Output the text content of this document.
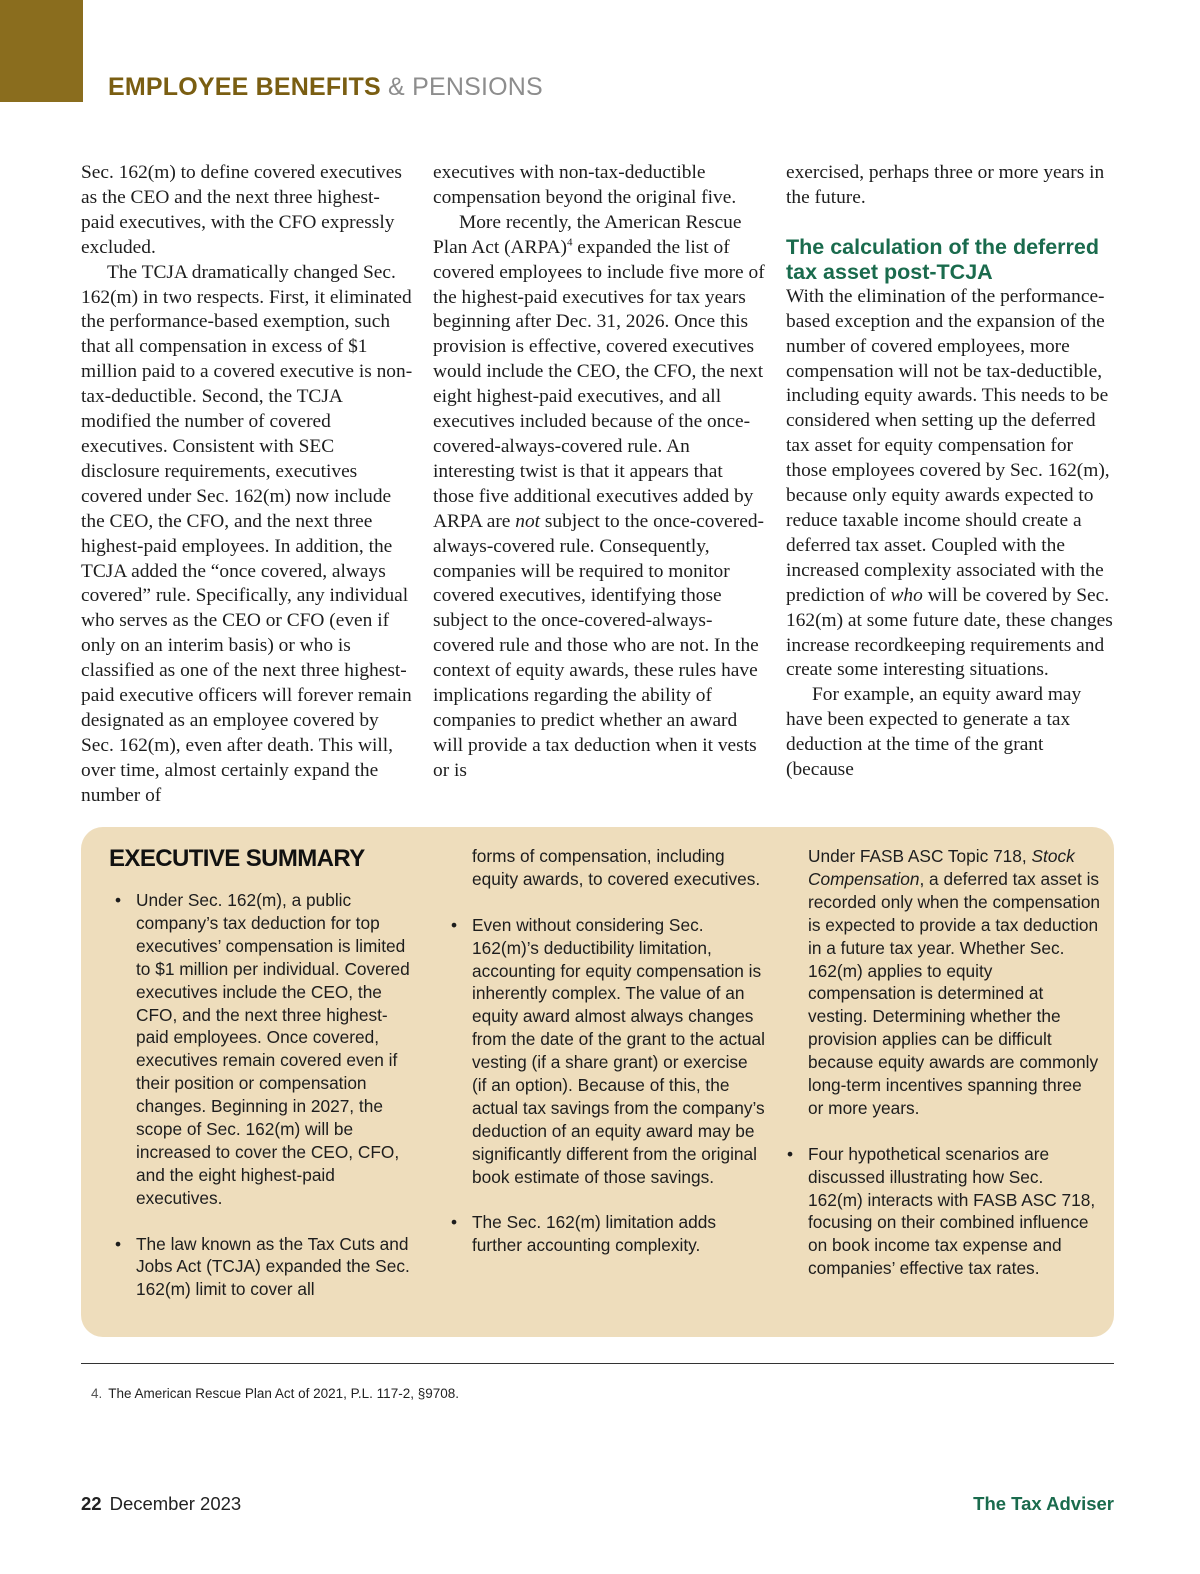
EMPLOYEE BENEFITS & PENSIONS

Sec. 162(m) to define covered executives as the CEO and the next three highest-paid executives, with the CFO expressly excluded.

The TCJA dramatically changed Sec. 162(m) in two respects. First, it eliminated the performance-based exemption, such that all compensation in excess of $1 million paid to a covered executive is non-tax-deductible. Second, the TCJA modified the number of covered executives. Consistent with SEC disclosure requirements, executives covered under Sec. 162(m) now include the CEO, the CFO, and the next three highest-paid employees. In addition, the TCJA added the “once covered, always covered” rule. Specifically, any individual who serves as the CEO or CFO (even if only on an interim basis) or who is classified as one of the next three highest-paid executive officers will forever remain designated as an employee covered by Sec. 162(m), even after death. This will, over time, almost certainly expand the number of

executives with non-tax-deductible compensation beyond the original five.

More recently, the American Rescue Plan Act (ARPA)$^4$ expanded the list of covered employees to include five more of the highest-paid executives for tax years beginning after Dec. 31, 2026. Once this provision is effective, covered executives would include the CEO, the CFO, the next eight highest-paid executives, and all executives included because of the once-covered-always-covered rule. An interesting twist is that it appears that those five additional executives added by ARPA are not subject to the once-covered-always-covered rule. Consequently, companies will be required to monitor covered executives, identifying those subject to the once-covered-always-covered rule and those who are not. In the context of equity awards, these rules have implications regarding the ability of companies to predict whether an award will provide a tax deduction when it vests or is

exercised, perhaps three or more years in the future.

The calculation of the deferred tax asset post-TCJA

With the elimination of the performance-based exception and the expansion of the number of covered employees, more compensation will not be tax-deductible, including equity awards. This needs to be considered when setting up the deferred tax asset for equity compensation for those employees covered by Sec. 162(m), because only equity awards expected to reduce taxable income should create a deferred tax asset. Coupled with the increased complexity associated with the prediction of who will be covered by Sec. 162(m) at some future date, these changes increase recordkeeping requirements and create some interesting situations.

For example, an equity award may have been expected to generate a tax deduction at the time of the grant (because

EXECUTIVE SUMMARY
• Under Sec. 162(m), a public company’s tax deduction for top executives’ compensation is limited to $1 million per individual. Covered executives include the CEO, the CFO, and the next three highest-paid employees. Once covered, executives remain covered even if their position or compensation changes. Beginning in 2027, the scope of Sec. 162(m) will be increased to cover the CEO, CFO, and the eight highest-paid executives.
• The law known as the Tax Cuts and Jobs Act (TCJA) expanded the Sec. 162(m) limit to cover all

forms of compensation, including equity awards, to covered executives.

• Even without considering Sec. 162(m)’s deductibility limitation, accounting for equity compensation is inherently complex. The value of an equity award almost always changes from the date of the grant to the actual vesting (if a share grant) or exercise (if an option). Because of this, the actual tax savings from the company’s deduction of an equity award may be significantly different from the original book estimate of those savings.
• The Sec. 162(m) limitation adds further accounting complexity.

Under FASB ASC Topic 718, Stock Compensation, a deferred tax asset is recorded only when the compensation is expected to provide a tax deduction in a future tax year. Whether Sec. 162(m) applies to equity compensation is determined at vesting. Determining whether the provision applies can be difficult because equity awards are commonly long-term incentives spanning three or more years.

• Four hypothetical scenarios are discussed illustrating how Sec. 162(m) interacts with FASB ASC 718, focusing on their combined influence on book income tax expense and companies’ effective tax rates.

4. The American Rescue Plan Act of 2021, P.L. 117-2, §9708.

22 December 2023	The Tax Adviser
